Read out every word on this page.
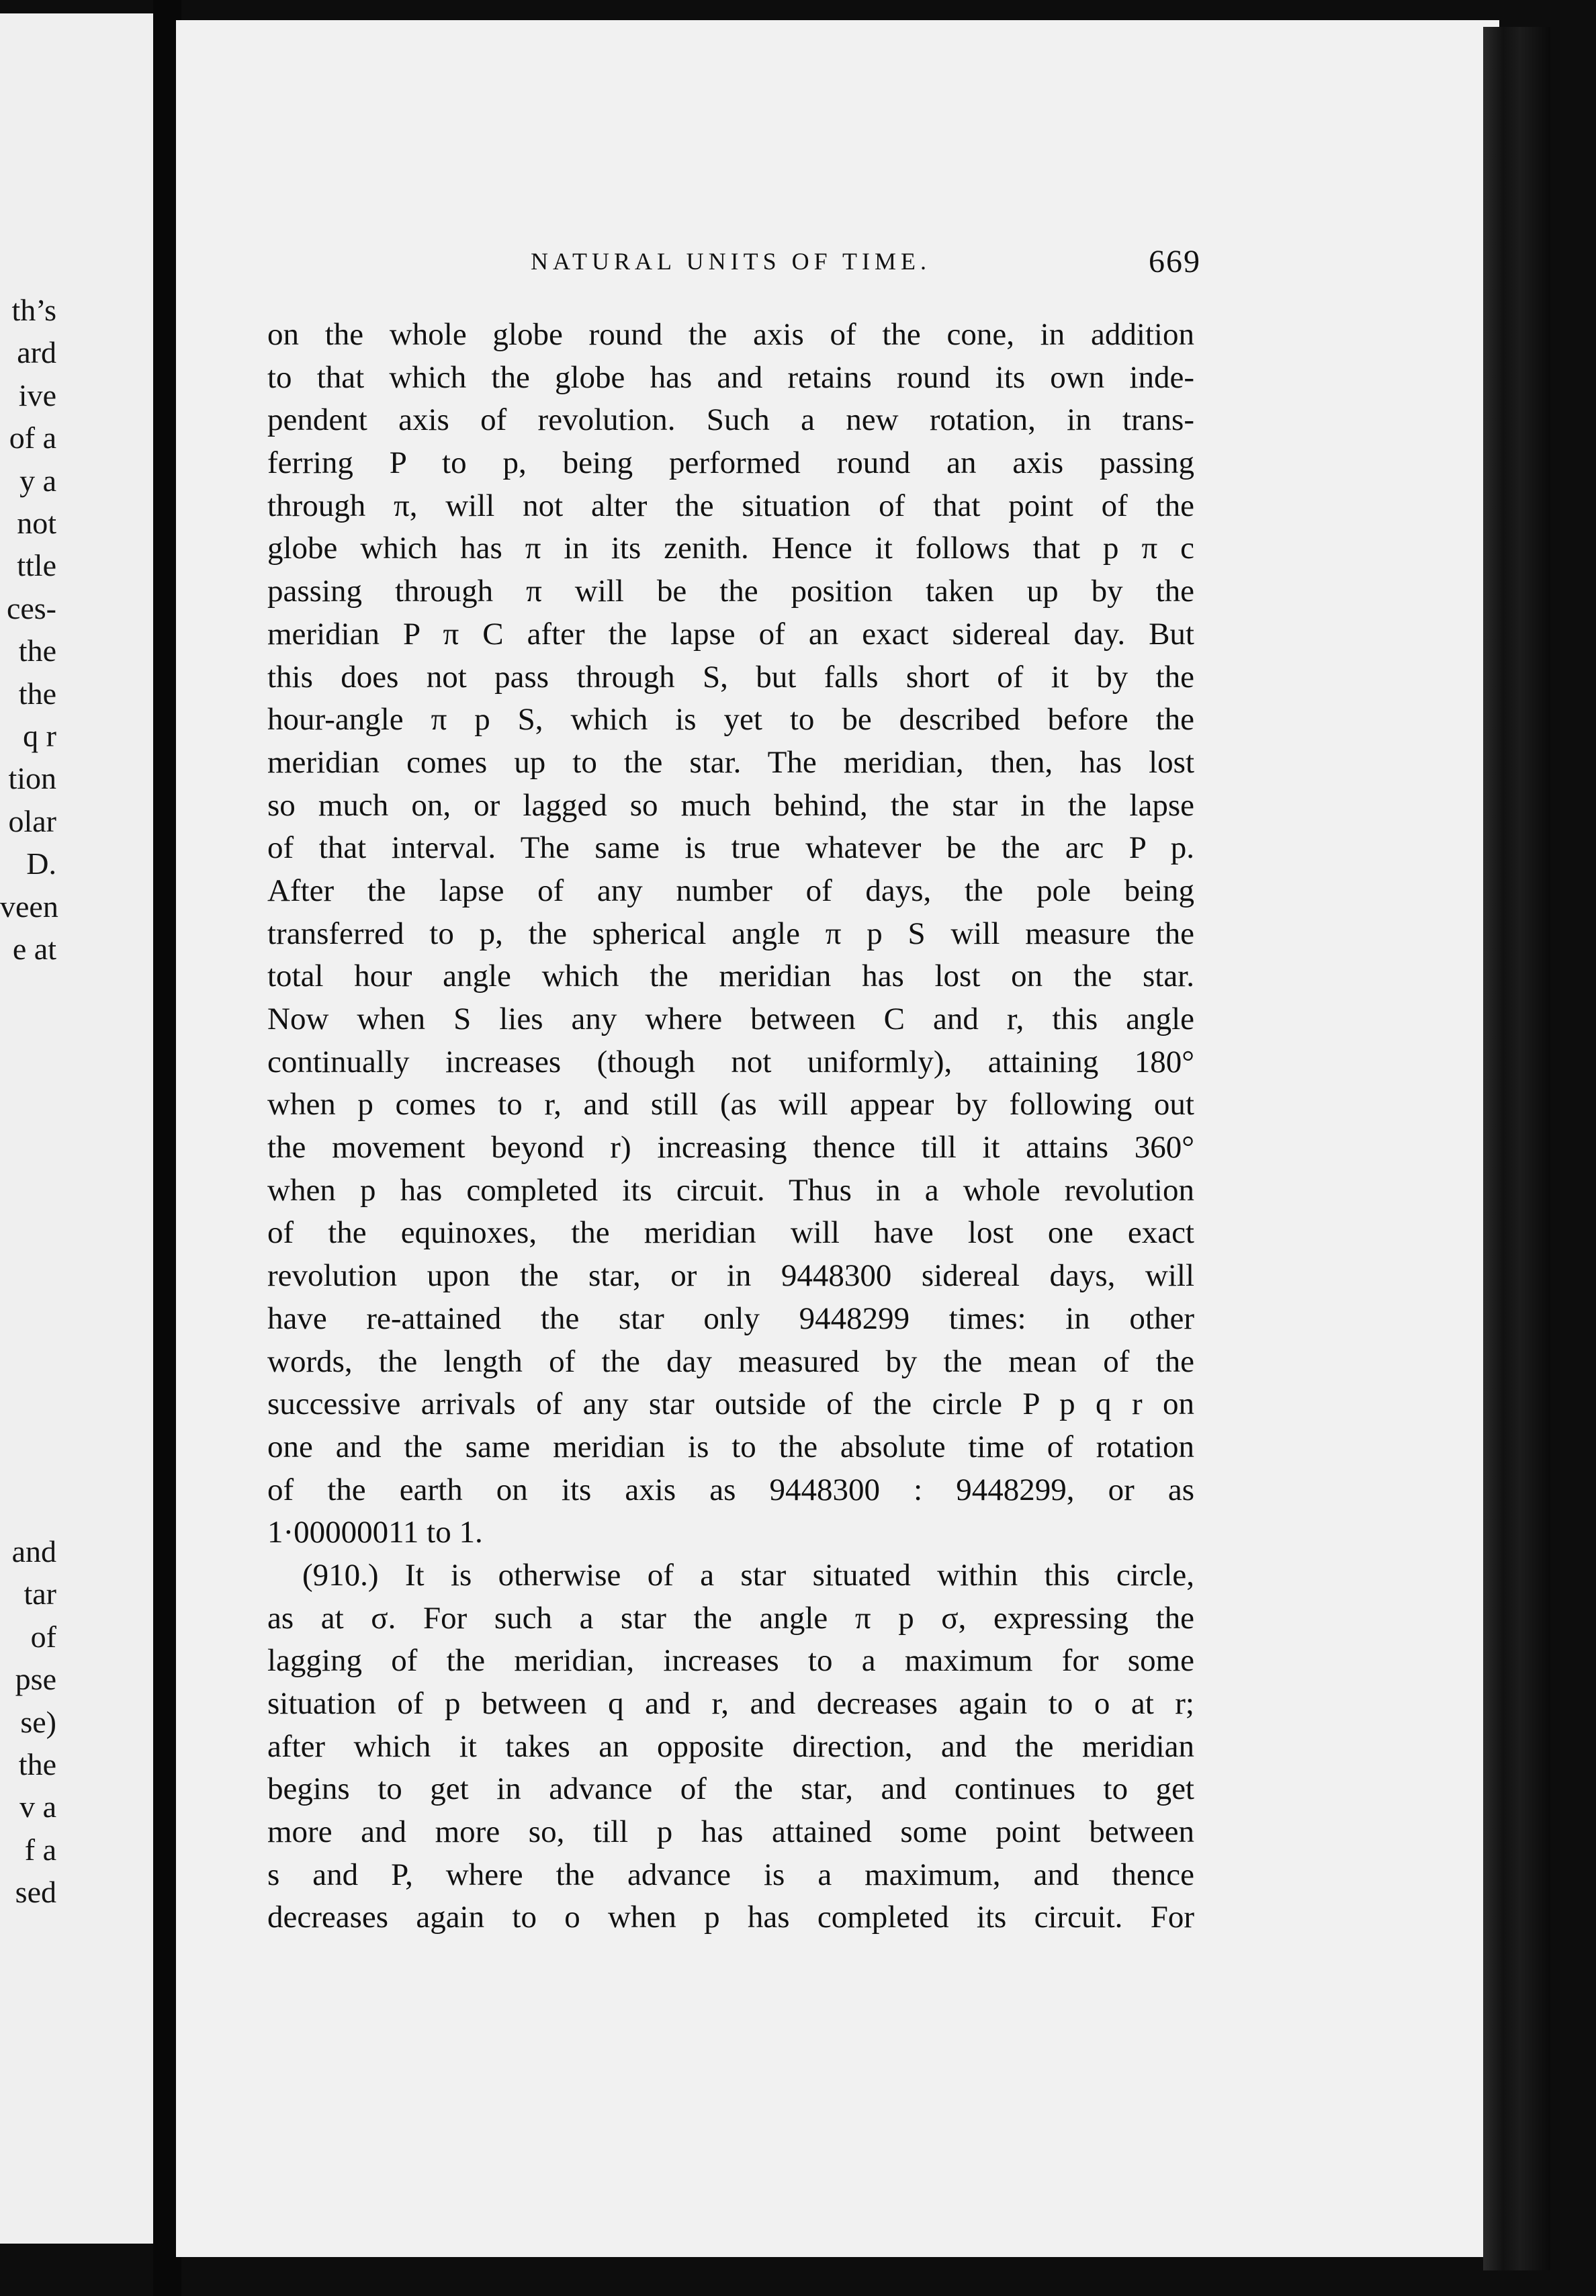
th’s
ard
ive
of a
y a
not
ttle
ces-
the
the
q r
tion
olar
D.
veen
e at
and
tar
of
pse
se)
the
v a
f a
sed
NATURAL UNITS OF TIME.	669
on the whole globe round the axis of the cone, in addition
to that which the globe has and retains round its own inde-
pendent axis of revolution. Such a new rotation, in trans-
ferring P to p, being performed round an axis passing
through π, will not alter the situation of that point of the
globe which has π in its zenith. Hence it follows that p π c
passing through π will be the position taken up by the
meridian P π C after the lapse of an exact sidereal day. But
this does not pass through S, but falls short of it by the
hour-angle π p S, which is yet to be described before the
meridian comes up to the star. The meridian, then, has lost
so much on, or lagged so much behind, the star in the lapse
of that interval. The same is true whatever be the arc P p.
After the lapse of any number of days, the pole being
transferred to p, the spherical angle π p S will measure the
total hour angle which the meridian has lost on the star.
Now when S lies any where between C and r, this angle
continually increases (though not uniformly), attaining 180°
when p comes to r, and still (as will appear by following out
the movement beyond r) increasing thence till it attains 360°
when p has completed its circuit. Thus in a whole revolution
of the equinoxes, the meridian will have lost one exact
revolution upon the star, or in 9448300 sidereal days, will
have re-attained the star only 9448299 times: in other
words, the length of the day measured by the mean of the
successive arrivals of any star outside of the circle P p q r on
one and the same meridian is to the absolute time of rotation
of the earth on its axis as 9448300 : 9448299, or as
1·00000011 to 1.
(910.) It is otherwise of a star situated within this circle,
as at σ. For such a star the angle π p σ, expressing the
lagging of the meridian, increases to a maximum for some
situation of p between q and r, and decreases again to o at r;
after which it takes an opposite direction, and the meridian
begins to get in advance of the star, and continues to get
more and more so, till p has attained some point between
s and P, where the advance is a maximum, and thence
decreases again to o when p has completed its circuit. For
